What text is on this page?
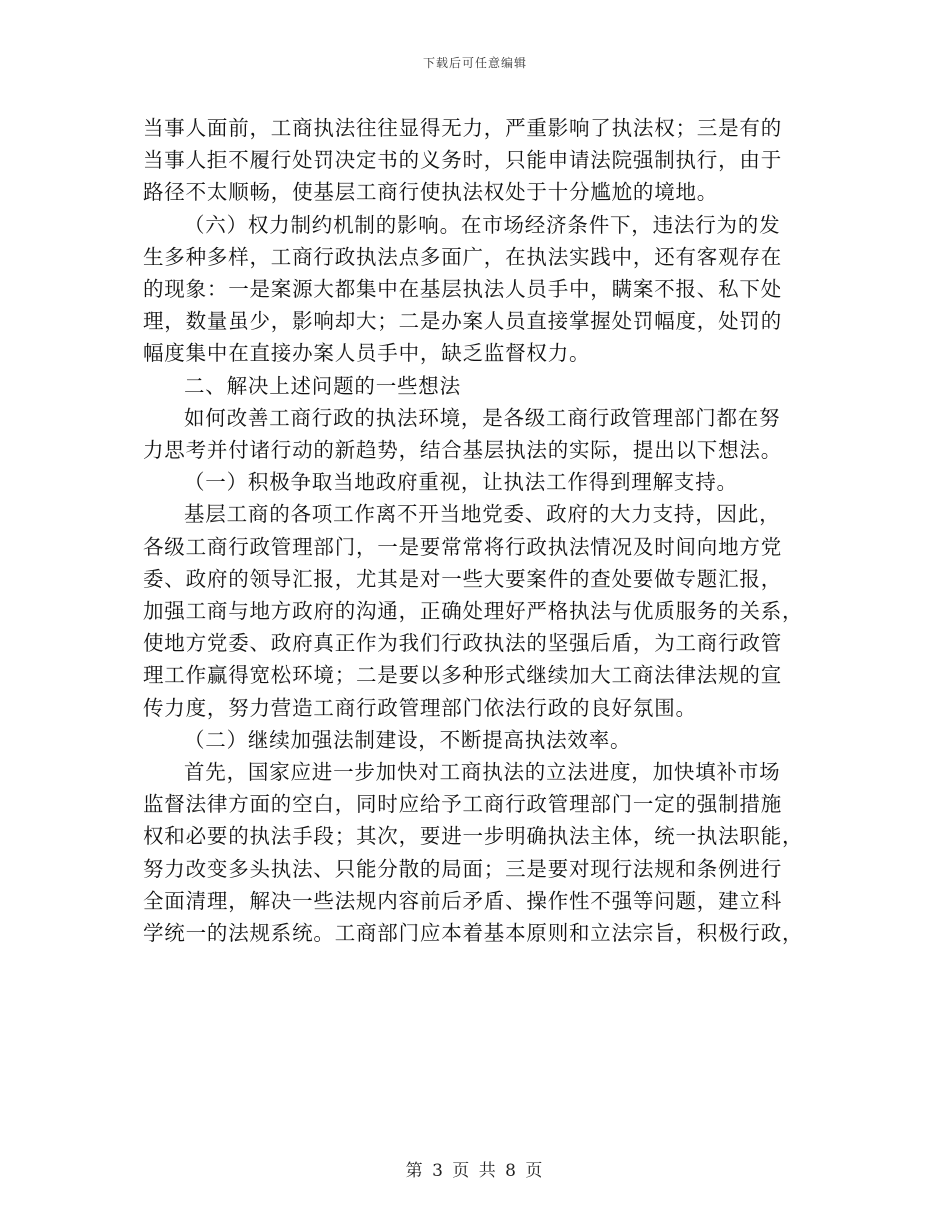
下载后可任意编辑
当事人面前，工商执法往往显得无力，严重影响了执法权；三是有的
当事人拒不履行处罚决定书的义务时，只能申请法院强制执行，由于
路径不太顺畅，使基层工商行使执法权处于十分尴尬的境地。
（六）权力制约机制的影响。在市场经济条件下，违法行为的发
生多种多样，工商行政执法点多面广，在执法实践中，还有客观存在
的现象：一是案源大都集中在基层执法人员手中，瞒案不报、私下处
理，数量虽少，影响却大；二是办案人员直接掌握处罚幅度，处罚的
幅度集中在直接办案人员手中，缺乏监督权力。
二、解决上述问题的一些想法
如何改善工商行政的执法环境，是各级工商行政管理部门都在努
力思考并付诸行动的新趋势，结合基层执法的实际，提出以下想法。
（一）积极争取当地政府重视，让执法工作得到理解支持。
基层工商的各项工作离不开当地党委、政府的大力支持，因此，
各级工商行政管理部门，一是要常常将行政执法情况及时间向地方党
委、政府的领导汇报，尤其是对一些大要案件的查处要做专题汇报，
加强工商与地方政府的沟通，正确处理好严格执法与优质服务的关系，
使地方党委、政府真正作为我们行政执法的坚强后盾，为工商行政管
理工作赢得宽松环境；二是要以多种形式继续加大工商法律法规的宣
传力度，努力营造工商行政管理部门依法行政的良好氛围。
（二）继续加强法制建设，不断提高执法效率。
首先，国家应进一步加快对工商执法的立法进度，加快填补市场
监督法律方面的空白，同时应给予工商行政管理部门一定的强制措施
权和必要的执法手段；其次，要进一步明确执法主体，统一执法职能，
努力改变多头执法、只能分散的局面；三是要对现行法规和条例进行
全面清理，解决一些法规内容前后矛盾、操作性不强等问题，建立科
学统一的法规系统。工商部门应本着基本原则和立法宗旨，积极行政，
第 3 页 共 8 页
